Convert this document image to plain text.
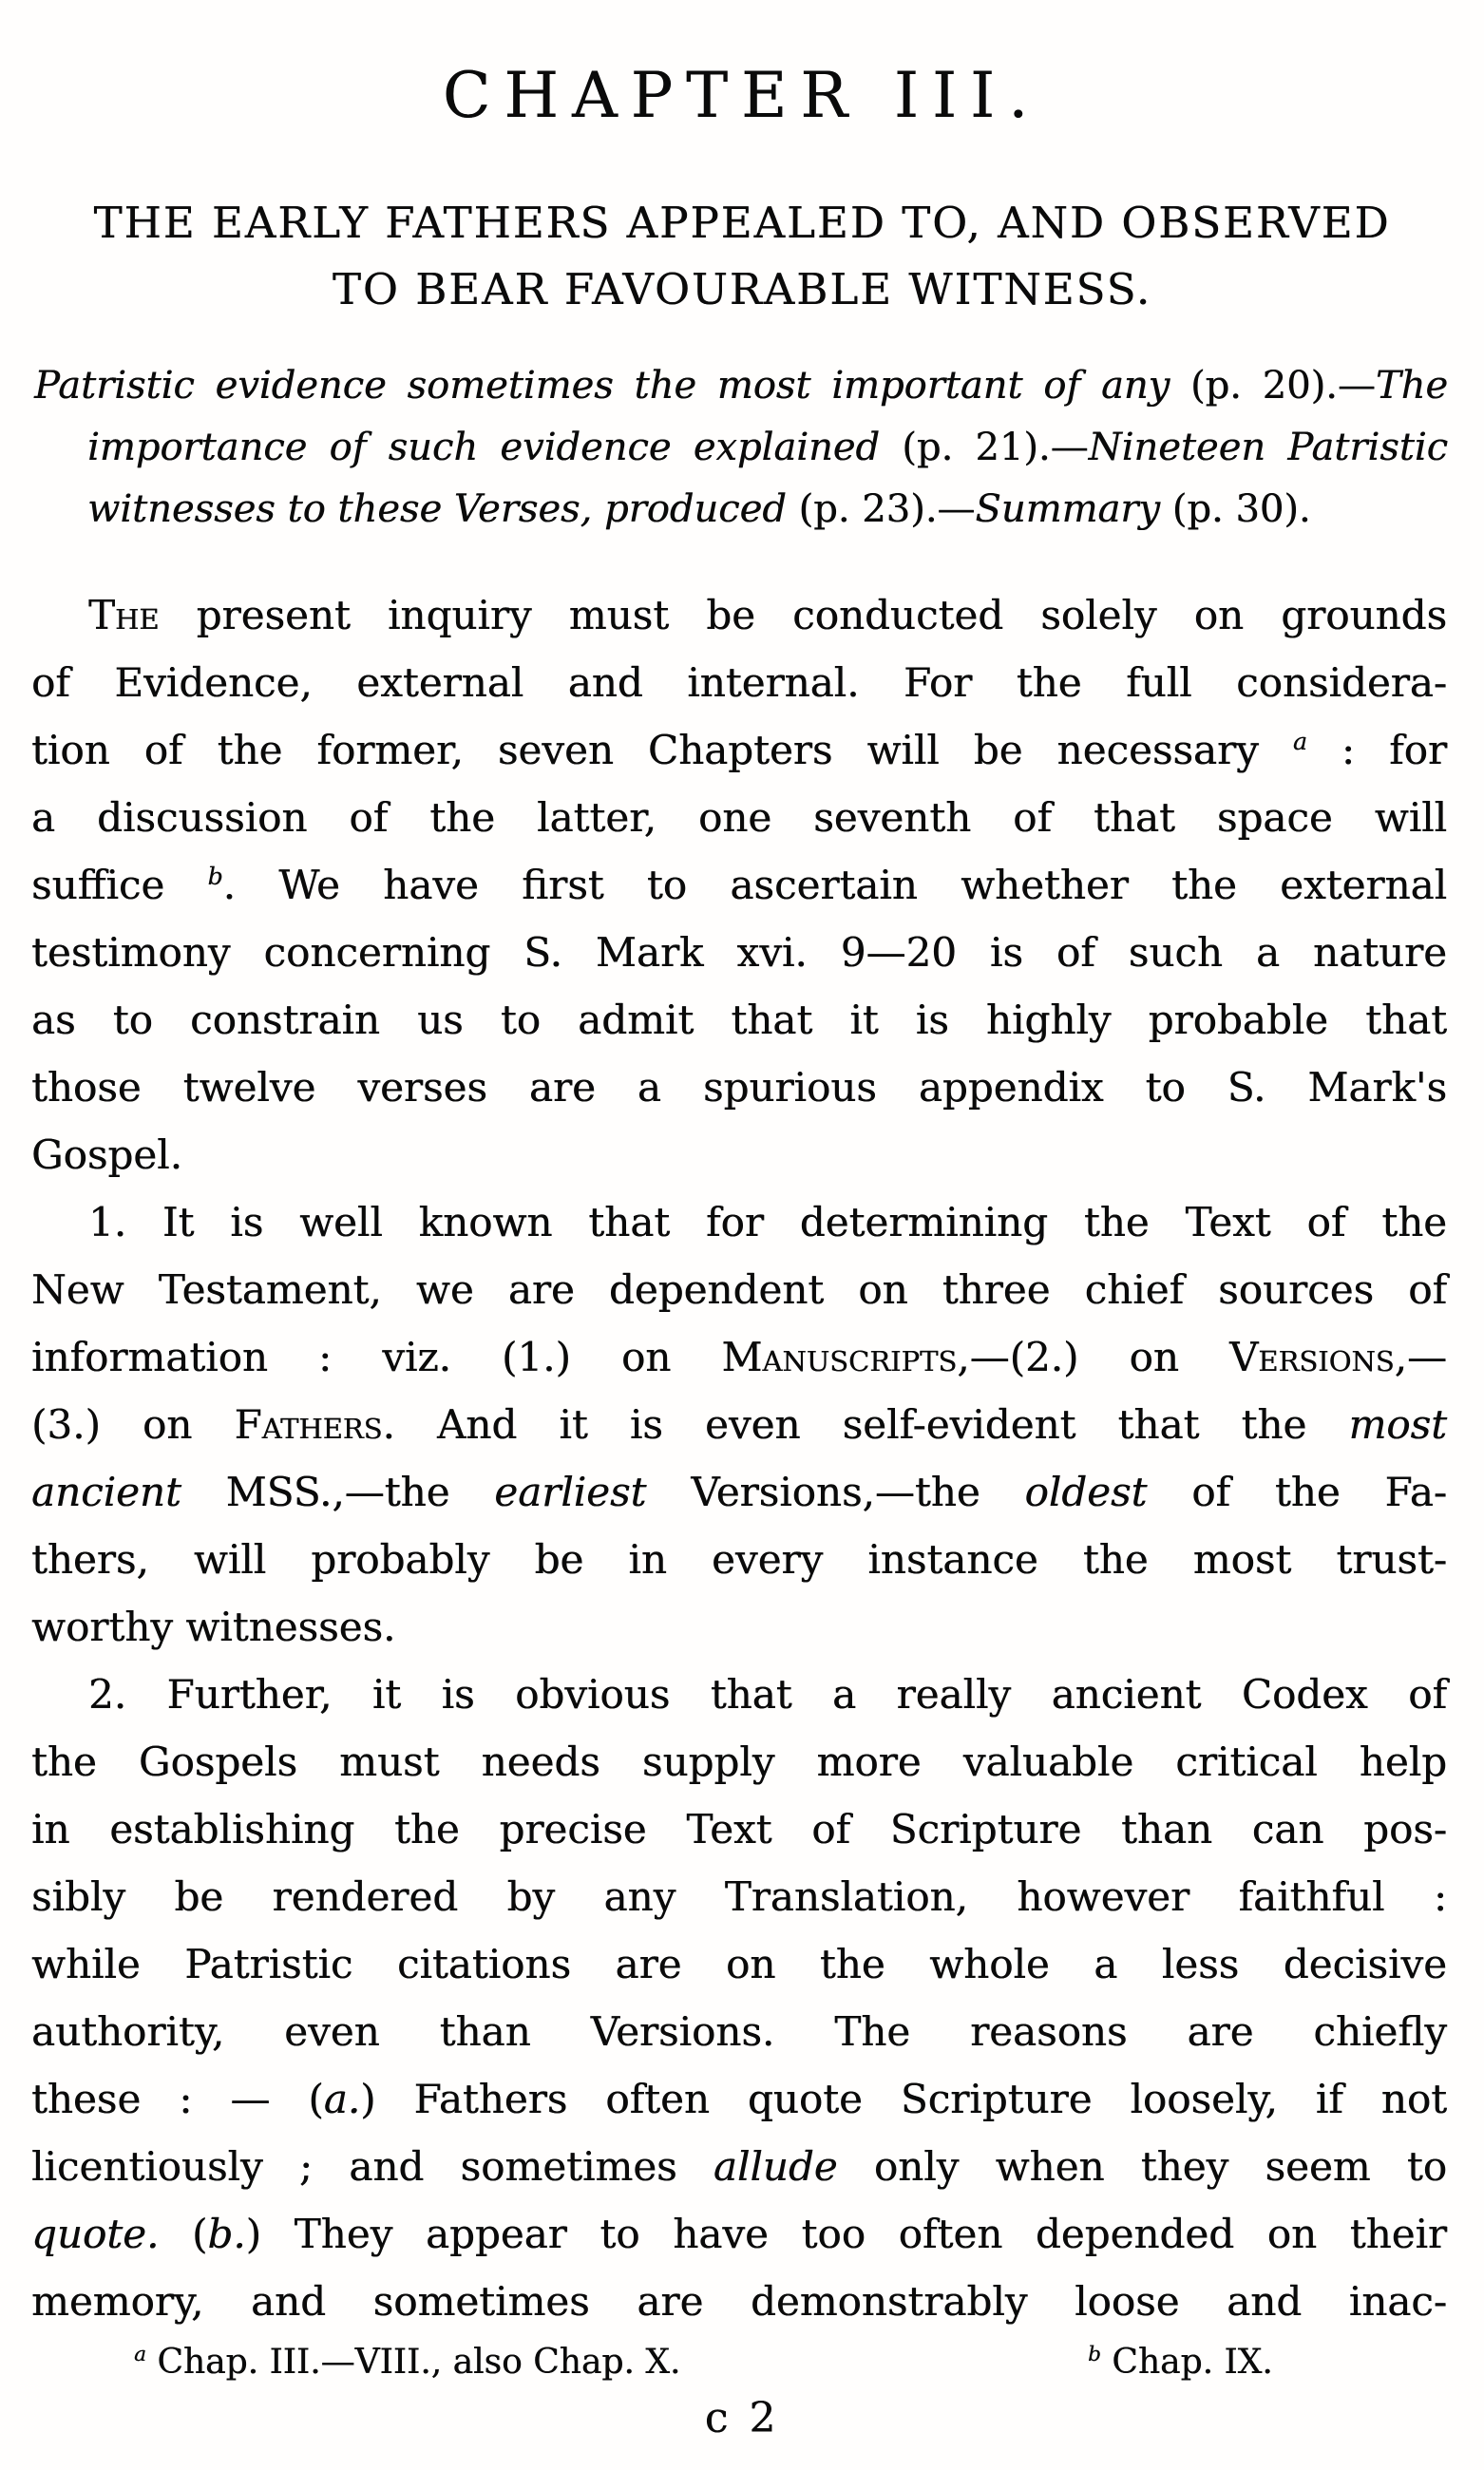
CHAPTER III.
THE EARLY FATHERS APPEALED TO, AND OBSERVED
TO BEAR FAVOURABLE WITNESS.
Patristic evidence sometimes the most important of any (p. 20).—The
importance of such evidence explained (p. 21).—Nineteen Patristic
witnesses to these Verses, produced (p. 23).—Summary (p. 30).
The present inquiry must be conducted solely on grounds
of Evidence, external and internal. For the full considera-
tion of the former, seven Chapters will be necessary $^a$ : for
a discussion of the latter, one seventh of that space will
suffice $^b$. We have first to ascertain whether the external
testimony concerning S. Mark xvi. 9—20 is of such a nature
as to constrain us to admit that it is highly probable that
those twelve verses are a spurious appendix to S. Mark's
Gospel.
1. It is well known that for determining the Text of the
New Testament, we are dependent on three chief sources of
information : viz. (1.) on Manuscripts,—(2.) on Versions,—
(3.) on Fathers. And it is even self-evident that the most
ancient MSS.,—the earliest Versions,—the oldest of the Fa-
thers, will probably be in every instance the most trust-
worthy witnesses.
2. Further, it is obvious that a really ancient Codex of
the Gospels must needs supply more valuable critical help
in establishing the precise Text of Scripture than can pos-
sibly be rendered by any Translation, however faithful :
while Patristic citations are on the whole a less decisive
authority, even than Versions. The reasons are chiefly
these : — (a.) Fathers often quote Scripture loosely, if not
licentiously ; and sometimes allude only when they seem to
quote. (b.) They appear to have too often depended on their
memory, and sometimes are demonstrably loose and inac-
$^a$ Chap. III.—VIII., also Chap. X.	$^b$ Chap. IX.
c 2
